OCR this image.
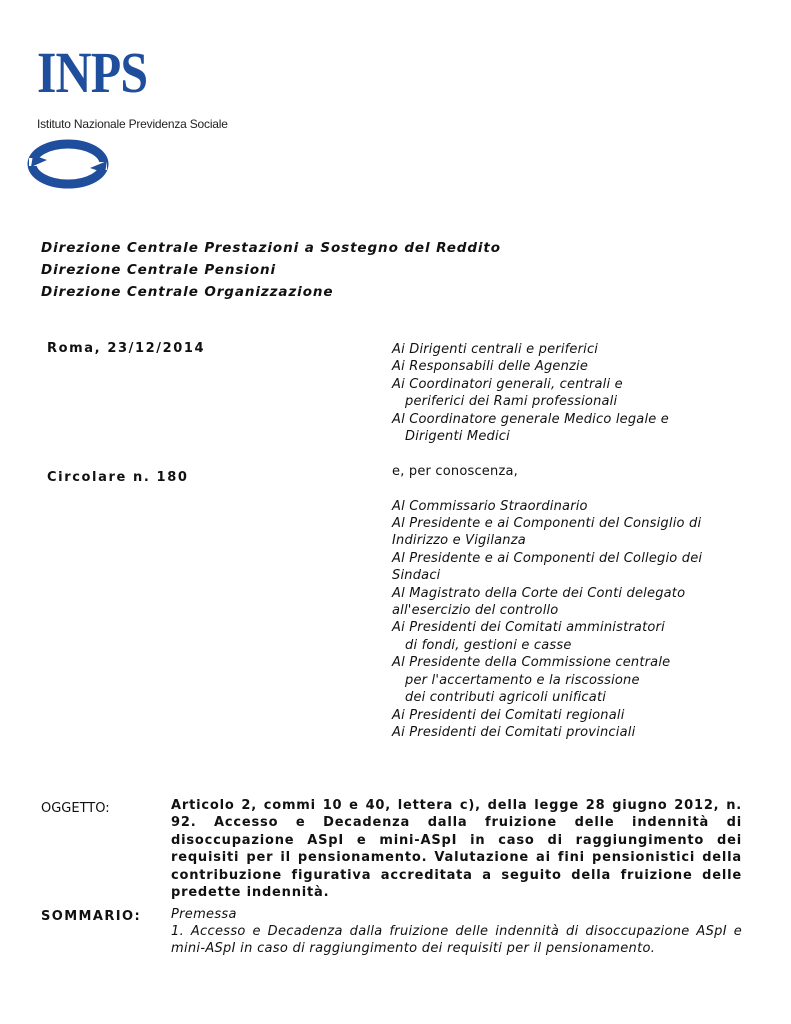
INPS
Istituto Nazionale Previdenza Sociale
Direzione Centrale Prestazioni a Sostegno del Reddito
Direzione Centrale Pensioni
Direzione Centrale Organizzazione
Roma, 23/12/2014
Circolare n. 180
Ai Dirigenti centrali e periferici
Ai Responsabili delle Agenzie
Ai Coordinatori generali, centrali e
periferici dei Rami professionali
Al Coordinatore generale Medico legale e
Dirigenti Medici
e, per conoscenza,
Al Commissario Straordinario
Al Presidente e ai Componenti del Consiglio di
Indirizzo e Vigilanza
Al Presidente e ai Componenti del Collegio dei
Sindaci
Al Magistrato della Corte dei Conti delegato
all'esercizio del controllo
Ai Presidenti dei Comitati amministratori
di fondi, gestioni e casse
Al Presidente della Commissione centrale
per l'accertamento e la riscossione
dei contributi agricoli unificati
Ai Presidenti dei Comitati regionali
Ai Presidenti dei Comitati provinciali
OGGETTO:	Articolo 2, commi 10 e 40, lettera c), della legge 28 giugno 2012, n. 92. Accesso e Decadenza dalla fruizione delle indennità di disoccupazione ASpI e mini-ASpI in caso di raggiungimento dei requisiti per il pensionamento. Valutazione ai fini pensionistici della contribuzione figurativa accreditata a seguito della fruizione delle predette indennità.
SOMMARIO: Premessa
1. Accesso e Decadenza dalla fruizione delle indennità di disoccupazione ASpI e mini-ASpI in caso di raggiungimento dei requisiti per il pensionamento.
